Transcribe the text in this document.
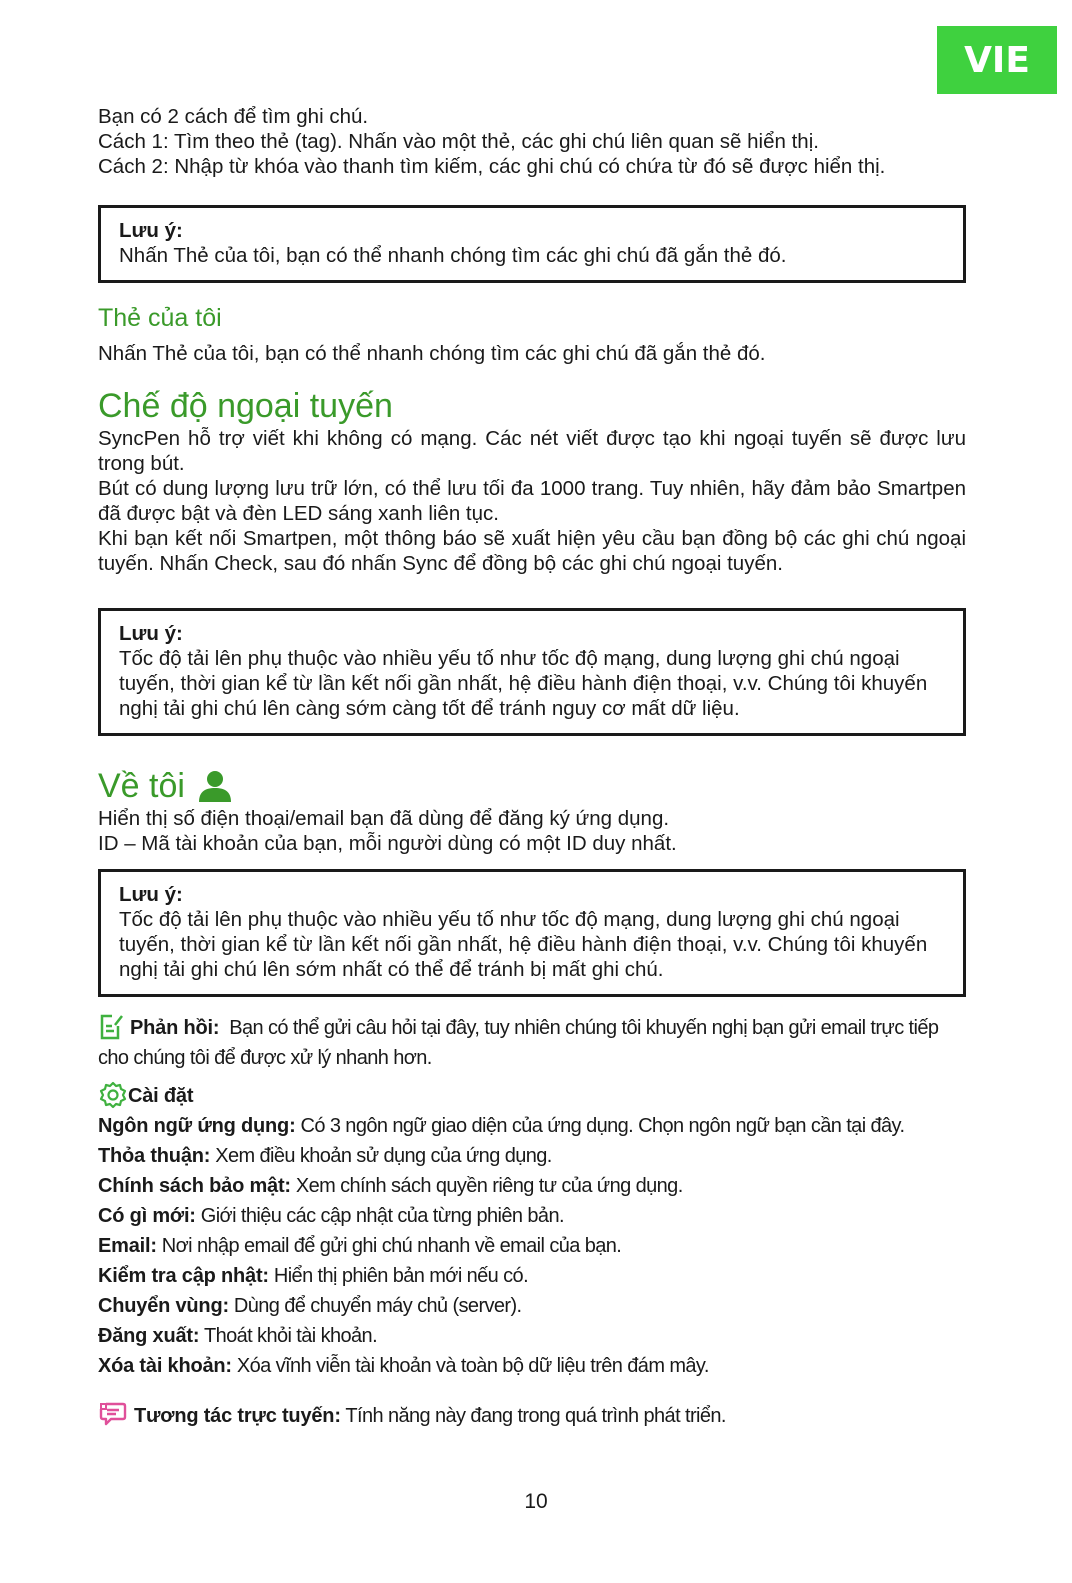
VIE
Bạn có 2 cách để tìm ghi chú.
Cách 1: Tìm theo thẻ (tag). Nhấn vào một thẻ, các ghi chú liên quan sẽ hiển thị.
Cách 2: Nhập từ khóa vào thanh tìm kiếm, các ghi chú có chứa từ đó sẽ được hiển thị.
Lưu ý:
Nhấn Thẻ của tôi, bạn có thể nhanh chóng tìm các ghi chú đã gắn thẻ đó.
Thẻ của tôi
Nhấn Thẻ của tôi, bạn có thể nhanh chóng tìm các ghi chú đã gắn thẻ đó.
Chế độ ngoại tuyến
SyncPen hỗ trợ viết khi không có mạng. Các nét viết được tạo khi ngoại tuyến sẽ được lưu trong bút.
Bút có dung lượng lưu trữ lớn, có thể lưu tối đa 1000 trang. Tuy nhiên, hãy đảm bảo Smartpen đã được bật và đèn LED sáng xanh liên tục.
Khi bạn kết nối Smartpen, một thông báo sẽ xuất hiện yêu cầu bạn đồng bộ các ghi chú ngoại tuyến. Nhấn Check, sau đó nhấn Sync để đồng bộ các ghi chú ngoại tuyến.
Lưu ý:
Tốc độ tải lên phụ thuộc vào nhiều yếu tố như tốc độ mạng, dung lượng ghi chú ngoại tuyến, thời gian kể từ lần kết nối gần nhất, hệ điều hành điện thoại, v.v. Chúng tôi khuyến nghị tải ghi chú lên càng sớm càng tốt để tránh nguy cơ mất dữ liệu.
Về tôi
Hiển thị số điện thoại/email bạn đã dùng để đăng ký ứng dụng.
ID – Mã tài khoản của bạn, mỗi người dùng có một ID duy nhất.
Lưu ý:
Tốc độ tải lên phụ thuộc vào nhiều yếu tố như tốc độ mạng, dung lượng ghi chú ngoại tuyến, thời gian kể từ lần kết nối gần nhất, hệ điều hành điện thoại, v.v. Chúng tôi khuyến nghị tải ghi chú lên sớm nhất có thể để tránh bị mất ghi chú.
Phản hồi: Bạn có thể gửi câu hỏi tại đây, tuy nhiên chúng tôi khuyến nghị bạn gửi email trực tiếp cho chúng tôi để được xử lý nhanh hơn.
Cài đặt
Ngôn ngữ ứng dụng: Có 3 ngôn ngữ giao diện của ứng dụng. Chọn ngôn ngữ bạn cần tại đây.
Thỏa thuận: Xem điều khoản sử dụng của ứng dụng.
Chính sách bảo mật: Xem chính sách quyền riêng tư của ứng dụng.
Có gì mới: Giới thiệu các cập nhật của từng phiên bản.
Email: Nơi nhập email để gửi ghi chú nhanh về email của bạn.
Kiểm tra cập nhật: Hiển thị phiên bản mới nếu có.
Chuyển vùng: Dùng để chuyển máy chủ (server).
Đăng xuất: Thoát khỏi tài khoản.
Xóa tài khoản: Xóa vĩnh viễn tài khoản và toàn bộ dữ liệu trên đám mây.
Tương tác trực tuyến: Tính năng này đang trong quá trình phát triển.
10
